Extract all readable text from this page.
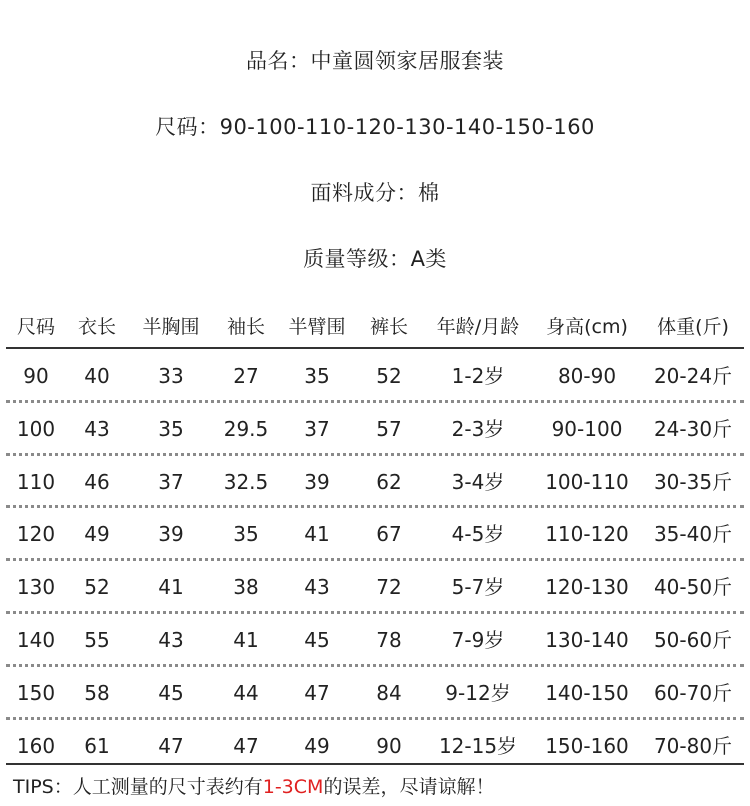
品名：中童圆领家居服套装
尺码：90-100-110-120-130-140-150-160
面料成分：棉
质量等级：A类
尺码	衣长	半胸围	袖长	半臂围	裤长	年龄/月龄	身高(cm)	体重(斤)
90	40	33	27	35	52	1-2岁	80-90	20-24斤
100	43	35	29.5	37	57	2-3岁	90-100	24-30斤
110	46	37	32.5	39	62	3-4岁	100-110	30-35斤
120	49	39	35	41	67	4-5岁	110-120	35-40斤
130	52	41	38	43	72	5-7岁	120-130	40-50斤
140	55	43	41	45	78	7-9岁	130-140	50-60斤
150	58	45	44	47	84	9-12岁	140-150	60-70斤
160	61	47	47	49	90	12-15岁	150-160	70-80斤
TIPS：人工测量的尺寸表约有1-3CM的误差，尽请谅解！
